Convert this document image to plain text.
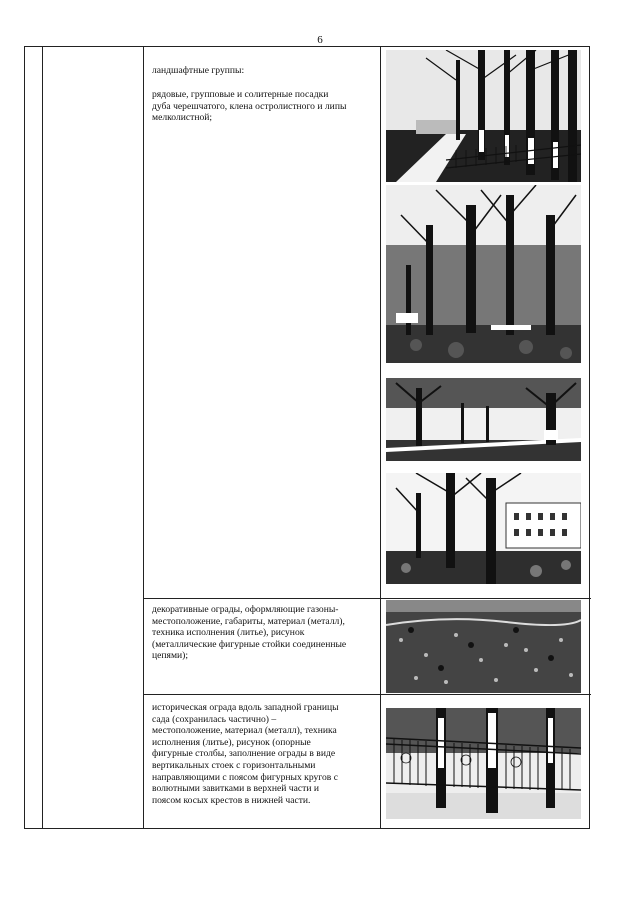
6
ландшафтные группы:
рядовые, групповые и солитерные посадки
дуба черешчатого, клена остролистного и липы
мелколистной;
декоративные ограды, оформляющие газоны-
местоположение, габариты, материал (металл),
техника исполнения (литье), рисунок
(металлические фигурные стойки соединенные
цепями);
историческая ограда вдоль западной границы
сада (сохранилась частично) –
местоположение, материал (металл), техника
исполнения (литье), рисунок (опорные
фигурные столбы, заполнение ограды в виде
вертикальных стоек с горизонтальными
направляющими с поясом фигурных кругов с
волютными завитками в верхней части и
поясом косых крестов в нижней части.
